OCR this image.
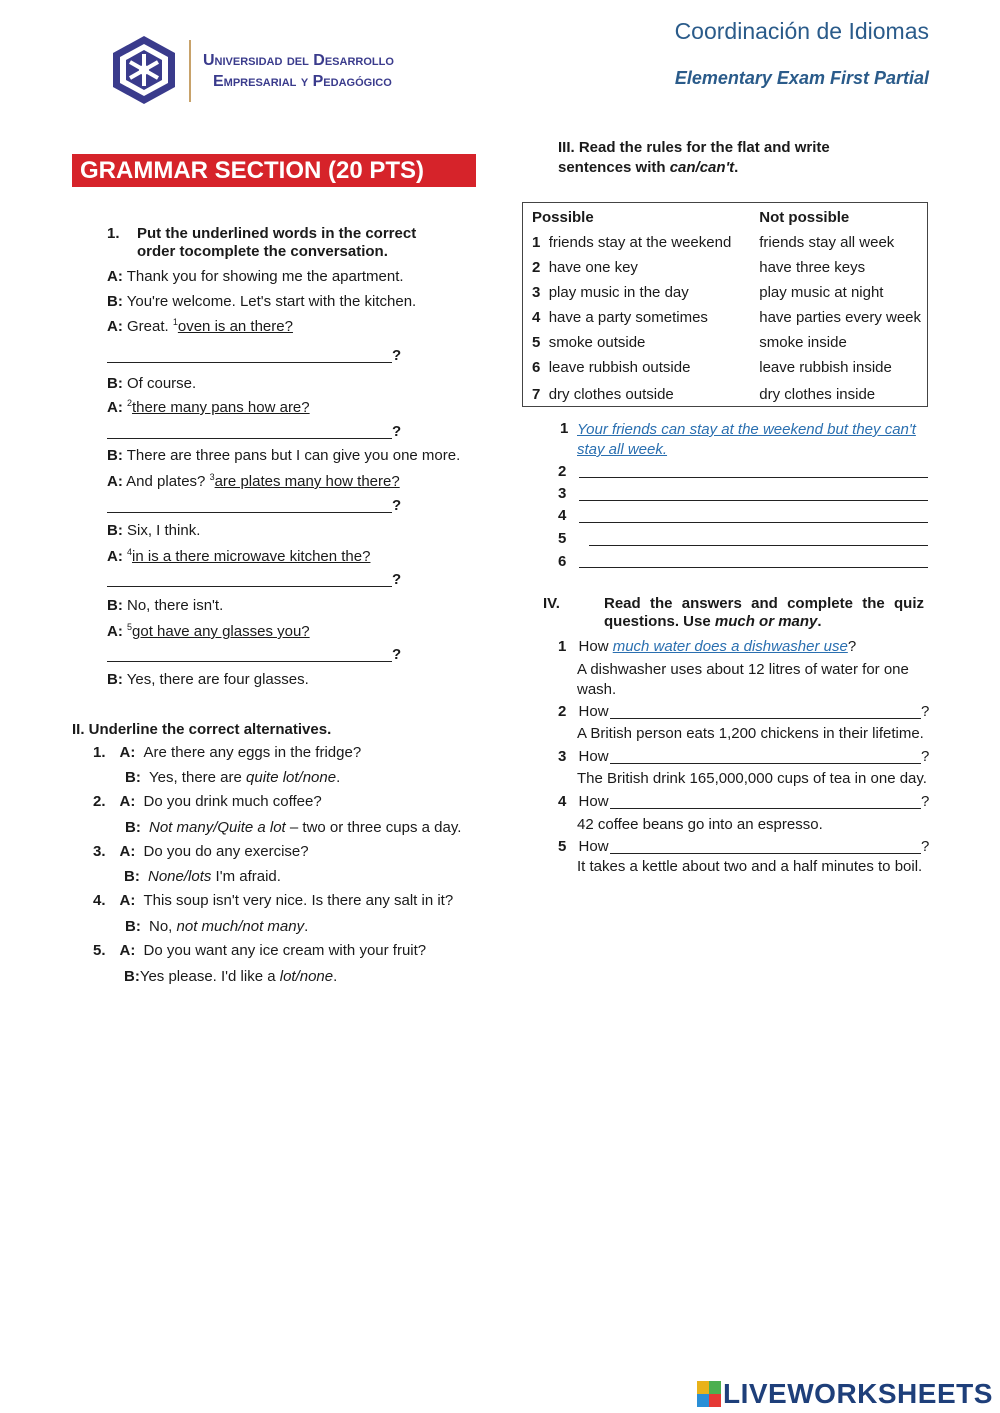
Universidad del Desarrollo
Empresarial y Pedagógico
Coordinación de Idiomas
Elementary Exam First Partial
GRAMMAR SECTION (20 PTS)
1. Put the underlined words in the correct order tocomplete the conversation.
A: Thank you for showing me the apartment.
B: You're welcome. Let's start with the kitchen.
A: Great. $^1$oven is an there?
?
B: Of course.
A: $^2$there many pans how are?
?
B: There are three pans but I can give you one more.
A: And plates? $^3$are plates many how there?
?
B: Six, I think.
A: $^4$in is a there microwave kitchen the?
?
B: No, there isn't.
A: $^5$got have any glasses you?
?
B: Yes, there are four glasses.
II. Underline the correct alternatives.
1. A: Are there any eggs in the fridge?
B: Yes, there are quite lot/none.
2. A: Do you drink much coffee?
B: Not many/Quite a lot – two or three cups a day.
3. A: Do you do any exercise?
B: None/lots I'm afraid.
4. A: This soup isn't very nice. Is there any salt in it?
B: No, not much/not many.
5. A: Do you want any ice cream with your fruit?
B:Yes please. I'd like a lot/none.
III. Read the rules for the flat and write sentences with can/can't.
Possible	Not possible
1 friends stay at the weekend	friends stay all week
2 have one key	have three keys
3 play music in the day	play music at night
4 have a party sometimes	have parties every week
5 smoke outside	smoke inside
6 leave rubbish outside	leave rubbish inside
7 dry clothes outside	dry clothes inside
1 Your friends can stay at the weekend but they can't stay all week.
2
3
4
5
6
IV.	Read the answers and complete the quiz questions. Use much or many.
1 How much water does a dishwasher use?
A dishwasher uses about 12 litres of water for one wash.
2 How	?
A British person eats 1,200 chickens in their lifetime.
3 How	?
The British drink 165,000,000 cups of tea in one day.
4 How	?
42 coffee beans go into an espresso.
5 How	?
It takes a kettle about two and a half minutes to boil.
LIVEWORKSHEETS
